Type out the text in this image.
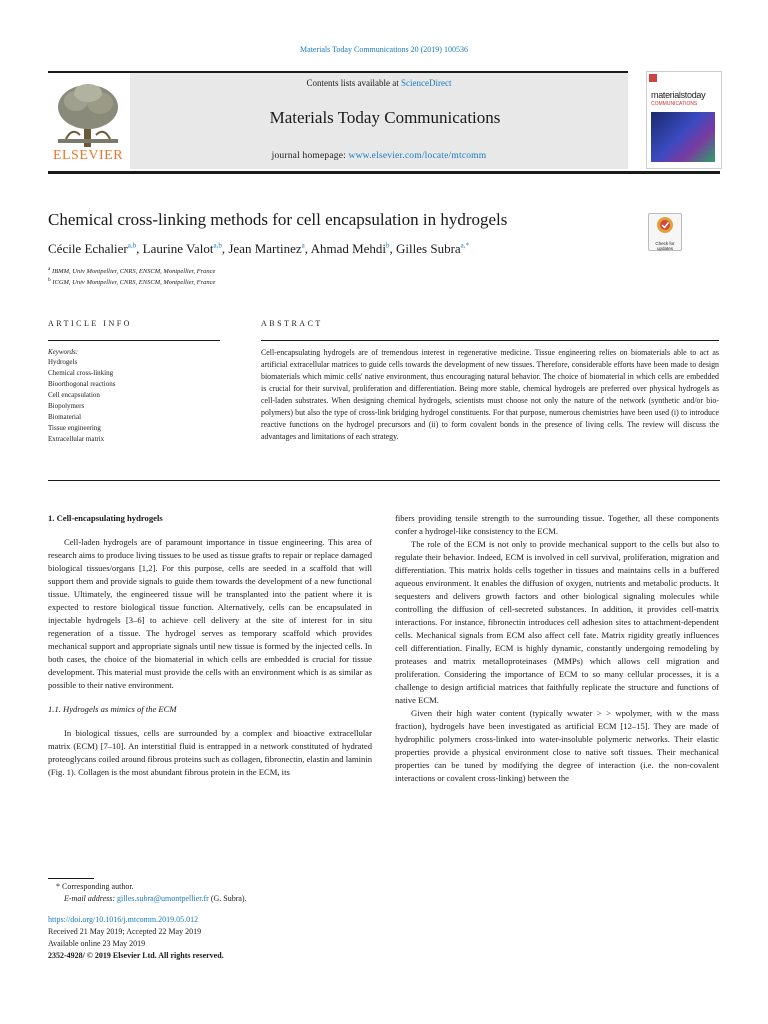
Materials Today Communications 20 (2019) 100536
ELSEVIER
Contents lists available at ScienceDirect
Materials Today Communications
journal homepage: www.elsevier.com/locate/mtcomm
materialstoday
COMMUNICATIONS
Chemical cross-linking methods for cell encapsulation in hydrogels
Check for updates
Cécile Echalier$^{a,b}$, Laurine Valot$^{a,b}$, Jean Martinez$^a$, Ahmad Mehdi$^b$, Gilles Subra$^{a,*}$
$^a$ IBMM, Univ Montpellier, CNRS, ENSCM, Montpellier, France
$^b$ ICGM, Univ Montpellier, CNRS, ENSCM, Montpellier, France
ARTICLE INFO
Keywords:
Hydrogels
Chemical cross-linking
Bioorthogonal reactions
Cell encapsulation
Biopolymers
Biomaterial
Tissue engineering
Extracellular matrix
ABSTRACT
Cell-encapsulating hydrogels are of tremendous interest in regenerative medicine. Tissue engineering relies on biomaterials able to act as artificial extracellular matrices to guide cells towards the development of new tissues. Therefore, considerable efforts have been made to design biomaterials which mimic cells' native environment, thus encouraging natural behavior. The choice of biomaterial in which cells are embedded is crucial for their survival, proliferation and differentiation. Being more stable, chemical hydrogels are preferred over physical hydrogels as cell-laden substrates. When designing chemical hydrogels, scientists must choose not only the nature of the network (synthetic and/or bio-polymers) but also the type of cross-link bridging hydrogel constituents. For that purpose, numerous chemistries have been used (i) to introduce reactive functions on the hydrogel precursors and (ii) to form covalent bonds in the presence of living cells. The review will discuss the advantages and limitations of each strategy.

1. Cell-encapsulating hydrogels

Cell-laden hydrogels are of paramount importance in tissue engineering. This area of research aims to produce living tissues to be used as tissue grafts to repair or replace damaged biological tissues/organs [1,2]. For this purpose, cells are seeded in a scaffold that will support them and provide signals to guide them towards the development of a new functional tissue. Ultimately, the engineered tissue will be transplanted into the patient where it is expected to restore biological tissue function. Alternatively, cells can be encapsulated in injectable hydrogels [3–6] to achieve cell delivery at the site of interest for in situ regeneration of a tissue. The hydrogel serves as temporary scaffold which provides mechanical support and appropriate signals until new tissue is formed by the injected cells. In both cases, the choice of the biomaterial in which cells are embedded is crucial for tissue development. This material must provide the cells with an environment which is as similar as possible to their native environment.

1.1. Hydrogels as mimics of the ECM

In biological tissues, cells are surrounded by a complex and bioactive extracellular matrix (ECM) [7–10]. An interstitial fluid is entrapped in a network constituted of hydrated proteoglycans coiled around fibrous proteins such as collagen, fibronectin, elastin and laminin (Fig. 1). Collagen is the most abundant fibrous protein in the ECM, its

fibers providing tensile strength to the surrounding tissue. Together, all these components confer a hydrogel-like consistency to the ECM.

The role of the ECM is not only to provide mechanical support to the cells but also to regulate their behavior. Indeed, ECM is involved in cell survival, proliferation, migration and differentiation. This matrix holds cells together in tissues and maintains cells in a buffered aqueous environment. It enables the diffusion of oxygen, nutrients and metabolic products. It sequesters and delivers growth factors and other biological signaling molecules while controlling the diffusion of cell-secreted substances. In addition, it provides cell-matrix interactions. For instance, fibronectin introduces cell adhesion sites to attachment-dependent cells. Mechanical signals from ECM also affect cell fate. Matrix rigidity greatly influences cell differentiation. Finally, ECM is highly dynamic, constantly undergoing remodeling by proteases and matrix metalloproteinases (MMPs) which allows cell migration and proliferation. Considering the importance of ECM to so many cellular processes, it is a challenge to design artificial matrices that faithfully replicate the structure and functions of native ECM.

Given their high water content (typically wwater > > wpolymer, with w the mass fraction), hydrogels have been investigated as artificial ECM [12–15]. They are made of hydrophilic polymers cross-linked into water-insoluble polymeric networks. Their elastic properties provide a physical environment close to native soft tissues. Their mechanical properties can be tuned by modifying the degree of interaction (i.e. the non-covalent interactions or covalent cross-linking) between the

* Corresponding author.
E-mail address: gilles.subra@umontpellier.fr (G. Subra).
https://doi.org/10.1016/j.mtcomm.2019.05.012
Received 21 May 2019; Accepted 22 May 2019
Available online 23 May 2019
2352-4928/ © 2019 Elsevier Ltd. All rights reserved.
